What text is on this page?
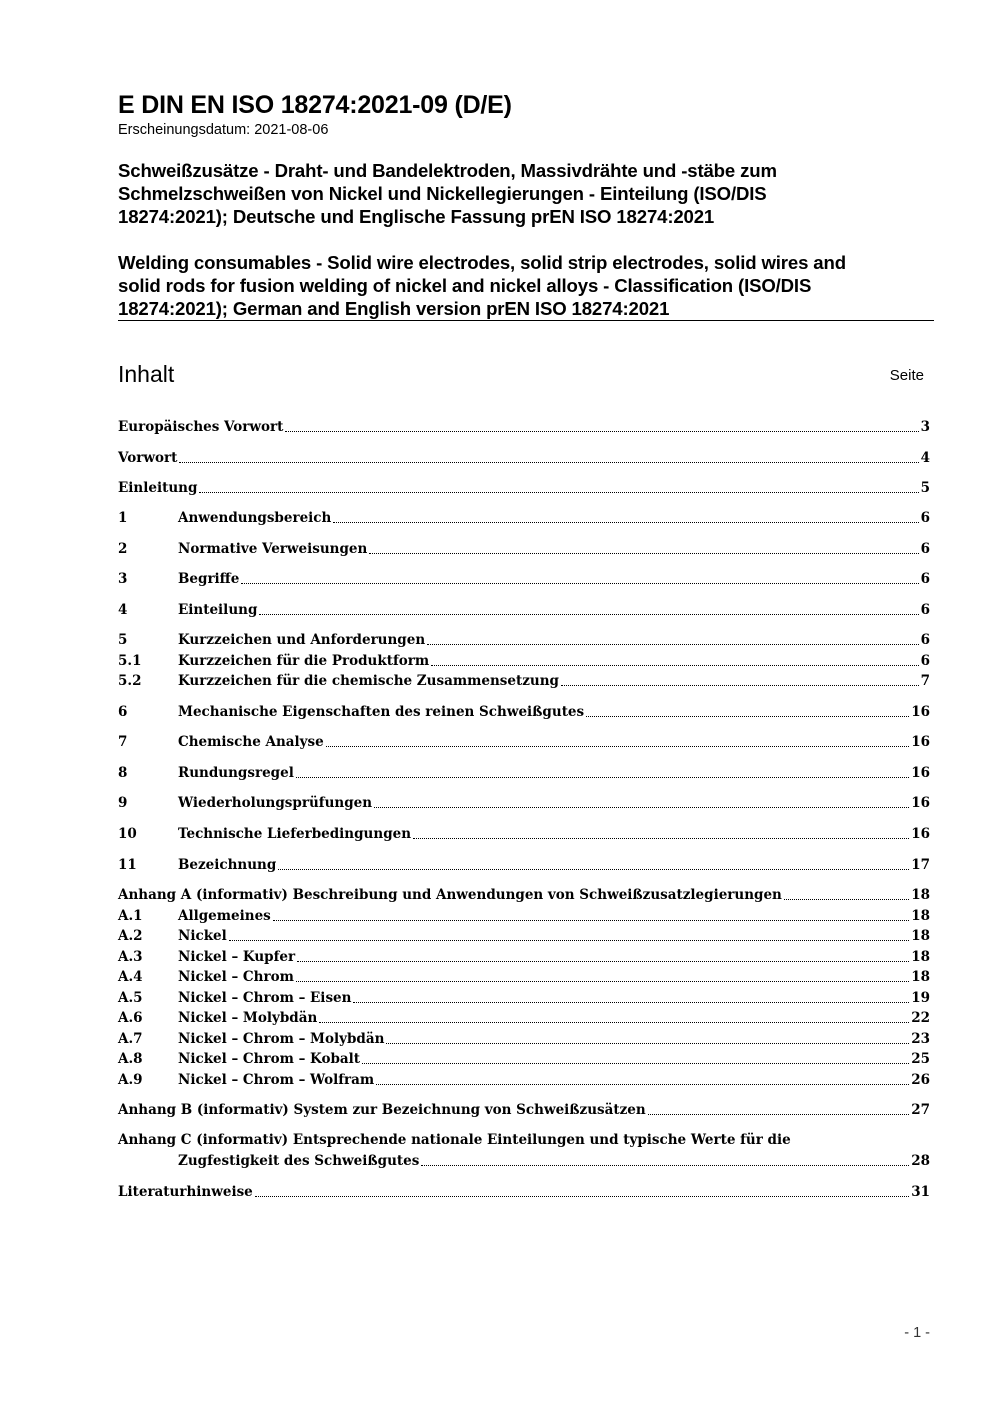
E DIN EN ISO 18274:2021-09 (D/E)
Erscheinungsdatum: 2021-08-06
Schweißzusätze - Draht- und Bandelektroden, Massivdrähte und -stäbe zum
Schmelzschweißen von Nickel und Nickellegierungen - Einteilung (ISO/DIS
18274:2021); Deutsche und Englische Fassung prEN ISO 18274:2021
Welding consumables - Solid wire electrodes, solid strip electrodes, solid wires and
solid rods for fusion welding of nickel and nickel alloys - Classification (ISO/DIS
18274:2021); German and English version prEN ISO 18274:2021
Inhalt	Seite
Europäisches Vorwort	3
Vorwort	4
Einleitung	5
1	Anwendungsbereich	6
2	Normative Verweisungen	6
3	Begriffe	6
4	Einteilung	6
5	Kurzzeichen und Anforderungen	6
5.1	Kurzzeichen für die Produktform	6
5.2	Kurzzeichen für die chemische Zusammensetzung	7
6	Mechanische Eigenschaften des reinen Schweißgutes	16
7	Chemische Analyse	16
8	Rundungsregel	16
9	Wiederholungsprüfungen	16
10	Technische Lieferbedingungen	16
11	Bezeichnung	17
Anhang A (informativ) Beschreibung und Anwendungen von Schweißzusatzlegierungen	18
A.1	Allgemeines	18
A.2	Nickel	18
A.3	Nickel – Kupfer	18
A.4	Nickel – Chrom	18
A.5	Nickel – Chrom – Eisen	19
A.6	Nickel – Molybdän	22
A.7	Nickel – Chrom – Molybdän	23
A.8	Nickel – Chrom – Kobalt	25
A.9	Nickel – Chrom – Wolfram	26
Anhang B (informativ) System zur Bezeichnung von Schweißzusätzen	27
Anhang C (informativ) Entsprechende nationale Einteilungen und typische Werte für die
Zugfestigkeit des Schweißgutes	28
Literaturhinweise	31
- 1 -
